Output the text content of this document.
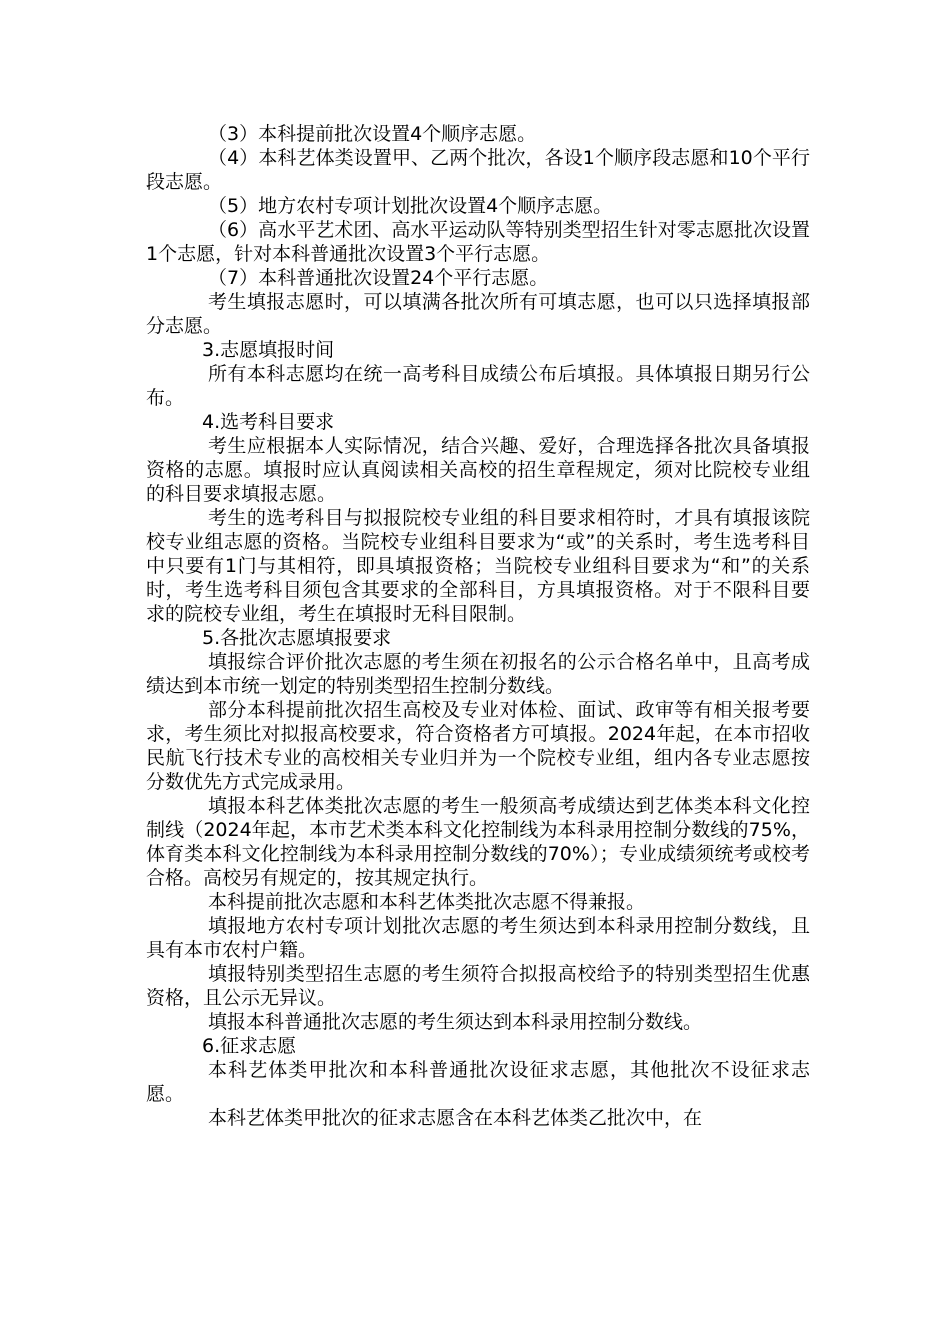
（3）本科提前批次设置4个顺序志愿。

（4）本科艺体类设置甲、乙两个批次，各设1个顺序段志愿和10个平行段志愿。

（5）地方农村专项计划批次设置4个顺序志愿。

（6）高水平艺术团、高水平运动队等特别类型招生针对零志愿批次设置1个志愿，针对本科普通批次设置3个平行志愿。

（7）本科普通批次设置24个平行志愿。

考生填报志愿时，可以填满各批次所有可填志愿，也可以只选择填报部分志愿。

3.志愿填报时间

所有本科志愿均在统一高考科目成绩公布后填报。具体填报日期另行公布。

4.选考科目要求

考生应根据本人实际情况，结合兴趣、爱好，合理选择各批次具备填报资格的志愿。填报时应认真阅读相关高校的招生章程规定，须对比院校专业组的科目要求填报志愿。

考生的选考科目与拟报院校专业组的科目要求相符时，才具有填报该院校专业组志愿的资格。当院校专业组科目要求为“或”的关系时，考生选考科目中只要有1门与其相符，即具填报资格；当院校专业组科目要求为“和”的关系时，考生选考科目须包含其要求的全部科目，方具填报资格。对于不限科目要求的院校专业组，考生在填报时无科目限制。

5.各批次志愿填报要求

填报综合评价批次志愿的考生须在初报名的公示合格名单中，且高考成绩达到本市统一划定的特别类型招生控制分数线。

部分本科提前批次招生高校及专业对体检、面试、政审等有相关报考要求，考生须比对拟报高校要求，符合资格者方可填报。2024年起，在本市招收民航飞行技术专业的高校相关专业归并为一个院校专业组，组内各专业志愿按分数优先方式完成录用。

填报本科艺体类批次志愿的考生一般须高考成绩达到艺体类本科文化控制线（2024年起，本市艺术类本科文化控制线为本科录用控制分数线的75%，体育类本科文化控制线为本科录用控制分数线的70%）；专业成绩须统考或校考合格。高校另有规定的，按其规定执行。

本科提前批次志愿和本科艺体类批次志愿不得兼报。

填报地方农村专项计划批次志愿的考生须达到本科录用控制分数线，且具有本市农村户籍。

填报特别类型招生志愿的考生须符合拟报高校给予的特别类型招生优惠资格，且公示无异议。

填报本科普通批次志愿的考生须达到本科录用控制分数线。

6.征求志愿

本科艺体类甲批次和本科普通批次设征求志愿，其他批次不设征求志愿。

本科艺体类甲批次的征求志愿含在本科艺体类乙批次中，在
